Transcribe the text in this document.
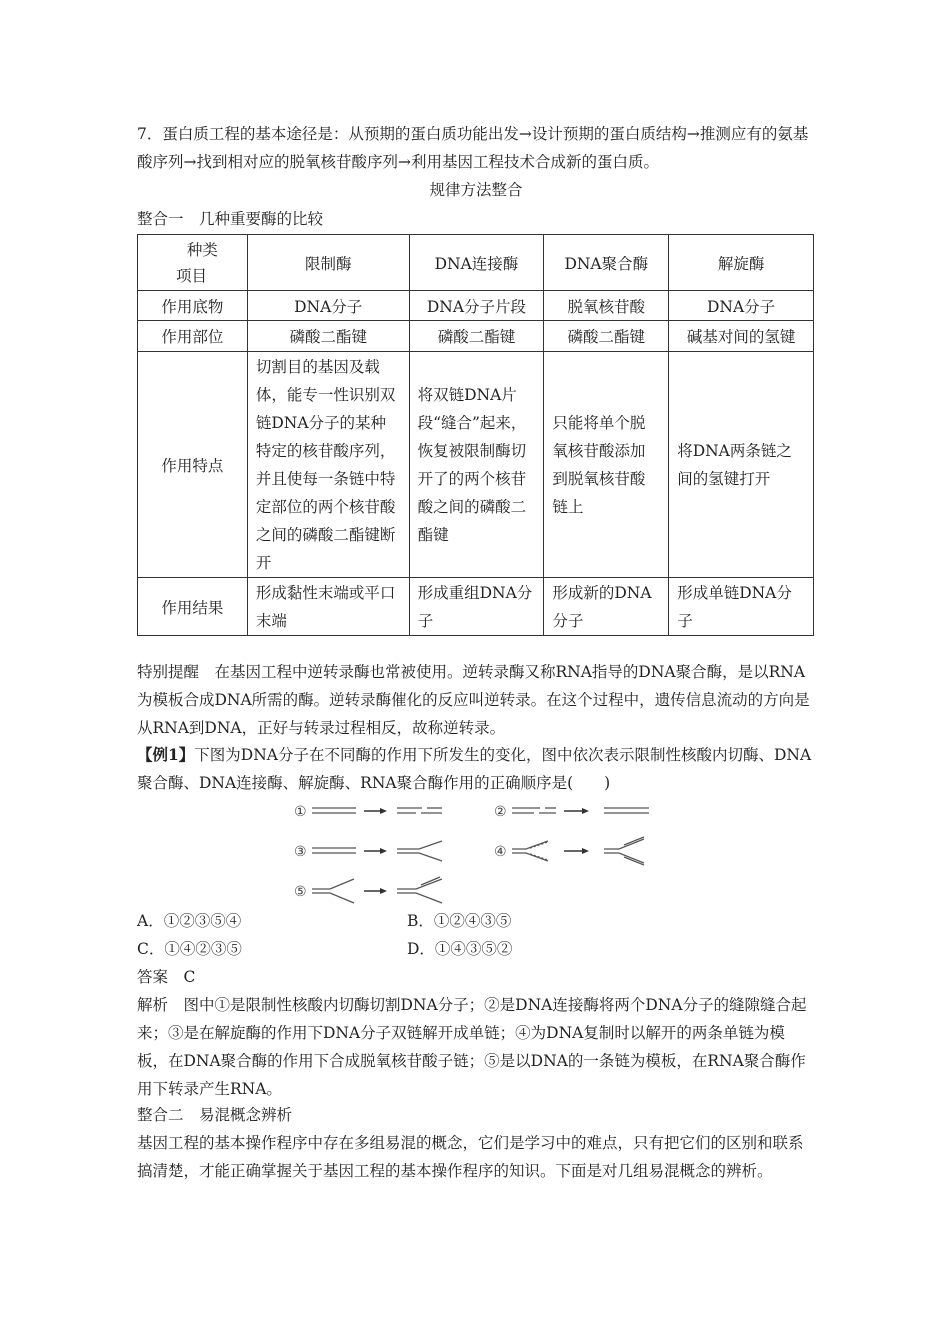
7．蛋白质工程的基本途径是：从预期的蛋白质功能出发→设计预期的蛋白质结构→推测应有的氨基酸序列→找到相对应的脱氧核苷酸序列→利用基因工程技术合成新的蛋白质。

规律方法整合

整合一　几种重要酶的比较

种类
项目	限制酶	DNA连接酶	DNA聚合酶	解旋酶
作用底物	DNA分子	DNA分子片段	脱氧核苷酸	DNA分子
作用部位	磷酸二酯键	磷酸二酯键	磷酸二酯键	碱基对间的氢键
作用特点	切割目的基因及载体，能专一性识别双链DNA分子的某种特定的核苷酸序列，并且使每一条链中特定部位的两个核苷酸之间的磷酸二酯键断开	将双链DNA片段“缝合”起来，恢复被限制酶切开了的两个核苷酸之间的磷酸二酯键	只能将单个脱氧核苷酸添加到脱氧核苷酸链上	将DNA两条链之间的氢键打开
作用结果	形成黏性末端或平口末端	形成重组DNA分子	形成新的DNA分子	形成单链DNA分子

特别提醒　在基因工程中逆转录酶也常被使用。逆转录酶又称RNA指导的DNA聚合酶，是以RNA为模板合成DNA所需的酶。逆转录酶催化的反应叫逆转录。在这个过程中，遗传信息流动的方向是从RNA到DNA，正好与转录过程相反，故称逆转录。

【例1】下图为DNA分子在不同酶的作用下所发生的变化，图中依次表示限制性核酸内切酶、DNA聚合酶、DNA连接酶、解旋酶、RNA聚合酶作用的正确顺序是(　　)

①	②
③	④
⑤
A．①②③⑤④	B．①②④③⑤
C．①④②③⑤	D．①④③⑤②

答案　C

解析　图中①是限制性核酸内切酶切割DNA分子；②是DNA连接酶将两个DNA分子的缝隙缝合起来；③是在解旋酶的作用下DNA分子双链解开成单链；④为DNA复制时以解开的两条单链为模板，在DNA聚合酶的作用下合成脱氧核苷酸子链；⑤是以DNA的一条链为模板，在RNA聚合酶作用下转录产生RNA。

整合二　易混概念辨析

基因工程的基本操作程序中存在多组易混的概念，它们是学习中的难点，只有把它们的区别和联系搞清楚，才能正确掌握关于基因工程的基本操作程序的知识。下面是对几组易混概念的辨析。
